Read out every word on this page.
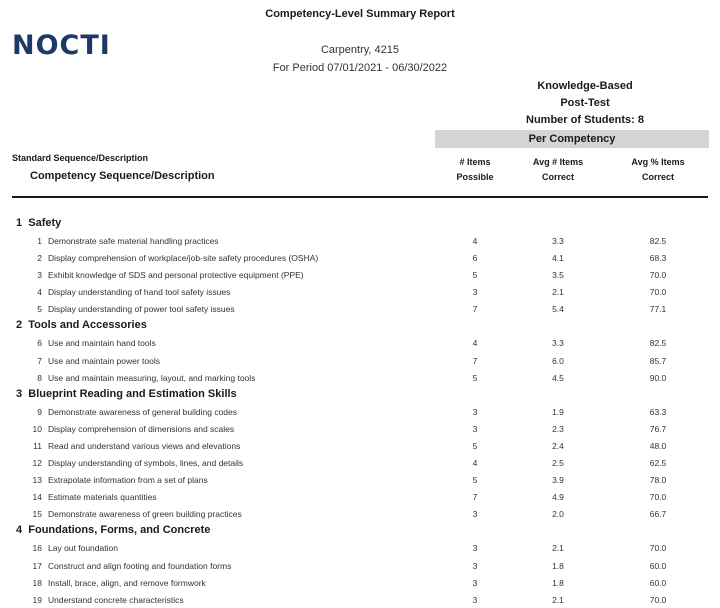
Competency-Level Summary Report
NOCTI	Carpentry, 4215
For Period 07/01/2021 - 06/30/2022
Knowledge-Based
Post-Test
Number of Students: 8
Per Competency
Standard Sequence/Description
Competency Sequence/Description
# Items
Possible
Avg # Items
Correct
Avg % Items
Correct
1 Safety
1 Demonstrate safe material handling practices	4	3.3	82.5
2 Display comprehension of workplace/job-site safety procedures (OSHA)	6	4.1	68.3
3 Exhibit knowledge of SDS and personal protective equipment (PPE)	5	3.5	70.0
4 Display understanding of hand tool safety issues	3	2.1	70.0
5 Display understanding of power tool safety issues	7	5.4	77.1
2 Tools and Accessories
6 Use and maintain hand tools	4	3.3	82.5
7 Use and maintain power tools	7	6.0	85.7
8 Use and maintain measuring, layout, and marking tools	5	4.5	90.0
3 Blueprint Reading and Estimation Skills
9 Demonstrate awareness of general building codes	3	1.9	63.3
10 Display comprehension of dimensions and scales	3	2.3	76.7
11 Read and understand various views and elevations	5	2.4	48.0
12 Display understanding of symbols, lines, and details	4	2.5	62.5
13 Extrapolate information from a set of plans	5	3.9	78.0
14 Estimate materials quantities	7	4.9	70.0
15 Demonstrate awareness of green building practices	3	2.0	66.7
4 Foundations, Forms, and Concrete
16 Lay out foundation	3	2.1	70.0
17 Construct and align footing and foundation forms	3	1.8	60.0
18 Install, brace, align, and remove formwork	3	1.8	60.0
19 Understand concrete characteristics	3	2.1	70.0
